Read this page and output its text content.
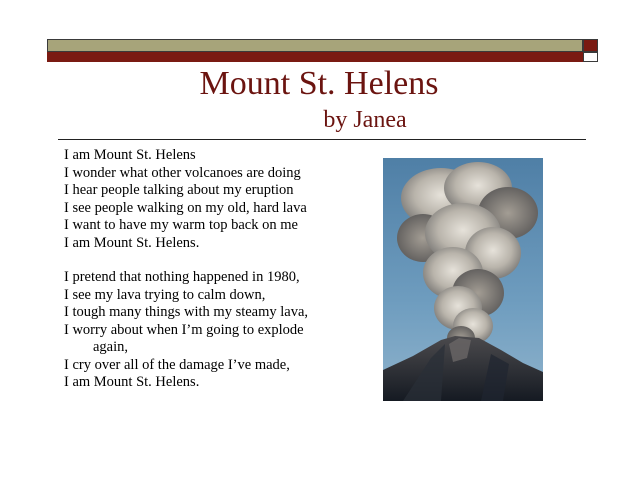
Mount St. Helens
by Janea
I am Mount St. Helens
I wonder what other volcanoes are doing
I hear people talking about my eruption
I see people walking on my old, hard lava
I want to have my warm top back on me
I am Mount St. Helens.
I pretend that nothing happened in 1980,
I see my lava trying to calm down,
I tough many things with my steamy lava,
I worry about when I’m going to explode
again,
I cry over all of the damage I’ve made,
I am Mount St. Helens.
